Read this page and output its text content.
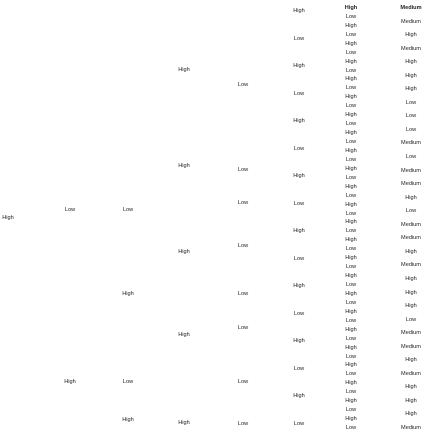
High
Low
High
Low
High
Low
High
High
High
High
High
High
Low
Low
Low
Low
Low
Low
Low
Low
High
Low
High
Low
High
Low
High
Low
High
Low
High
Low
High
Low
High
Low
High
Low
High
Low
High
Low
High
Low
High
Low
High
Low
High
Low
High
Low
High
Low
High
Low
High
Low
High
Low
High
Low
High
Low
High
Low
High
Low
High
Low
High
Low
High
Low
High
Low
High
Low
High
Low
High
Low
High
Low
Medium
Medium
High
Medium
High
High
High
Low
Low
Low
Medium
Low
Medium
Medium
High
Low
Medium
Medium
High
Medium
High
High
High
Low
Medium
Medium
High
Medium
High
High
High
Medium
